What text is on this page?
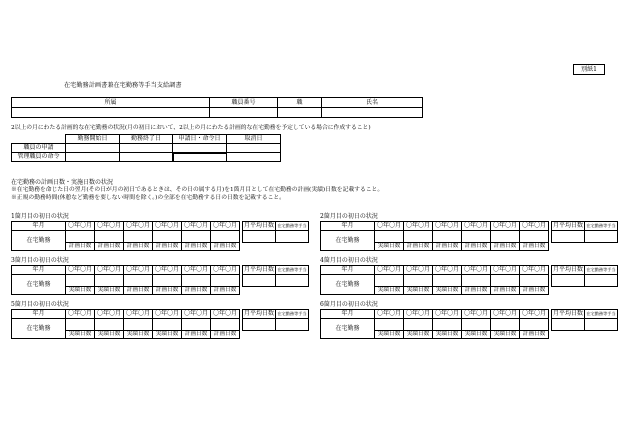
別紙1
在宅勤務計画書兼在宅勤務等手当支給調書
所属	職員番号	職	氏名

2以上の月にわたる計画的な在宅勤務の状況(月の初日において、2以上の月にわたる計画的な在宅勤務を予定している場合に作成すること)
	勤務開始日	勤務終了日	申請日・命令日	取消日
職員の申請				
管理職員の命令				
在宅勤務の計画日数・実施日数の状況
※在宅勤務を命じた日の翌月(その日が月の初日であるときは、その日の属する月)を1箇月目として在宅勤務の計画(実績)日数を記載すること。
※正規の勤務時間(休憩など勤務を要しない時間を除く。)の全部を在宅勤務する日の日数を記載すること。
1箇月目の初日の状況
年月	〇年〇月	〇年〇月	〇年〇月	〇年〇月	〇年〇月	〇年〇月
在宅勤務						
	計画日数	計画日数	計画日数	計画日数	計画日数	計画日数
月平均日数	在宅勤務等手当

2箇月目の初日の状況
年月	〇年〇月	〇年〇月	〇年〇月	〇年〇月	〇年〇月	〇年〇月
在宅勤務						
	実績日数	計画日数	計画日数	計画日数	計画日数	計画日数
月平均日数	在宅勤務等手当

3箇月目の初日の状況
年月	〇年〇月	〇年〇月	〇年〇月	〇年〇月	〇年〇月	〇年〇月
在宅勤務						
	実績日数	実績日数	計画日数	計画日数	計画日数	計画日数
月平均日数	在宅勤務等手当

4箇月目の初日の状況
年月	〇年〇月	〇年〇月	〇年〇月	〇年〇月	〇年〇月	〇年〇月
在宅勤務						
	実績日数	実績日数	実績日数	計画日数	計画日数	計画日数
月平均日数	在宅勤務等手当

5箇月目の初日の状況
年月	〇年〇月	〇年〇月	〇年〇月	〇年〇月	〇年〇月	〇年〇月
在宅勤務						
	実績日数	実績日数	実績日数	実績日数	計画日数	計画日数
月平均日数	在宅勤務等手当

6箇月目の初日の状況
年月	〇年〇月	〇年〇月	〇年〇月	〇年〇月	〇年〇月	〇年〇月
在宅勤務						
	実績日数	実績日数	実績日数	実績日数	実績日数	計画日数
月平均日数	在宅勤務等手当
